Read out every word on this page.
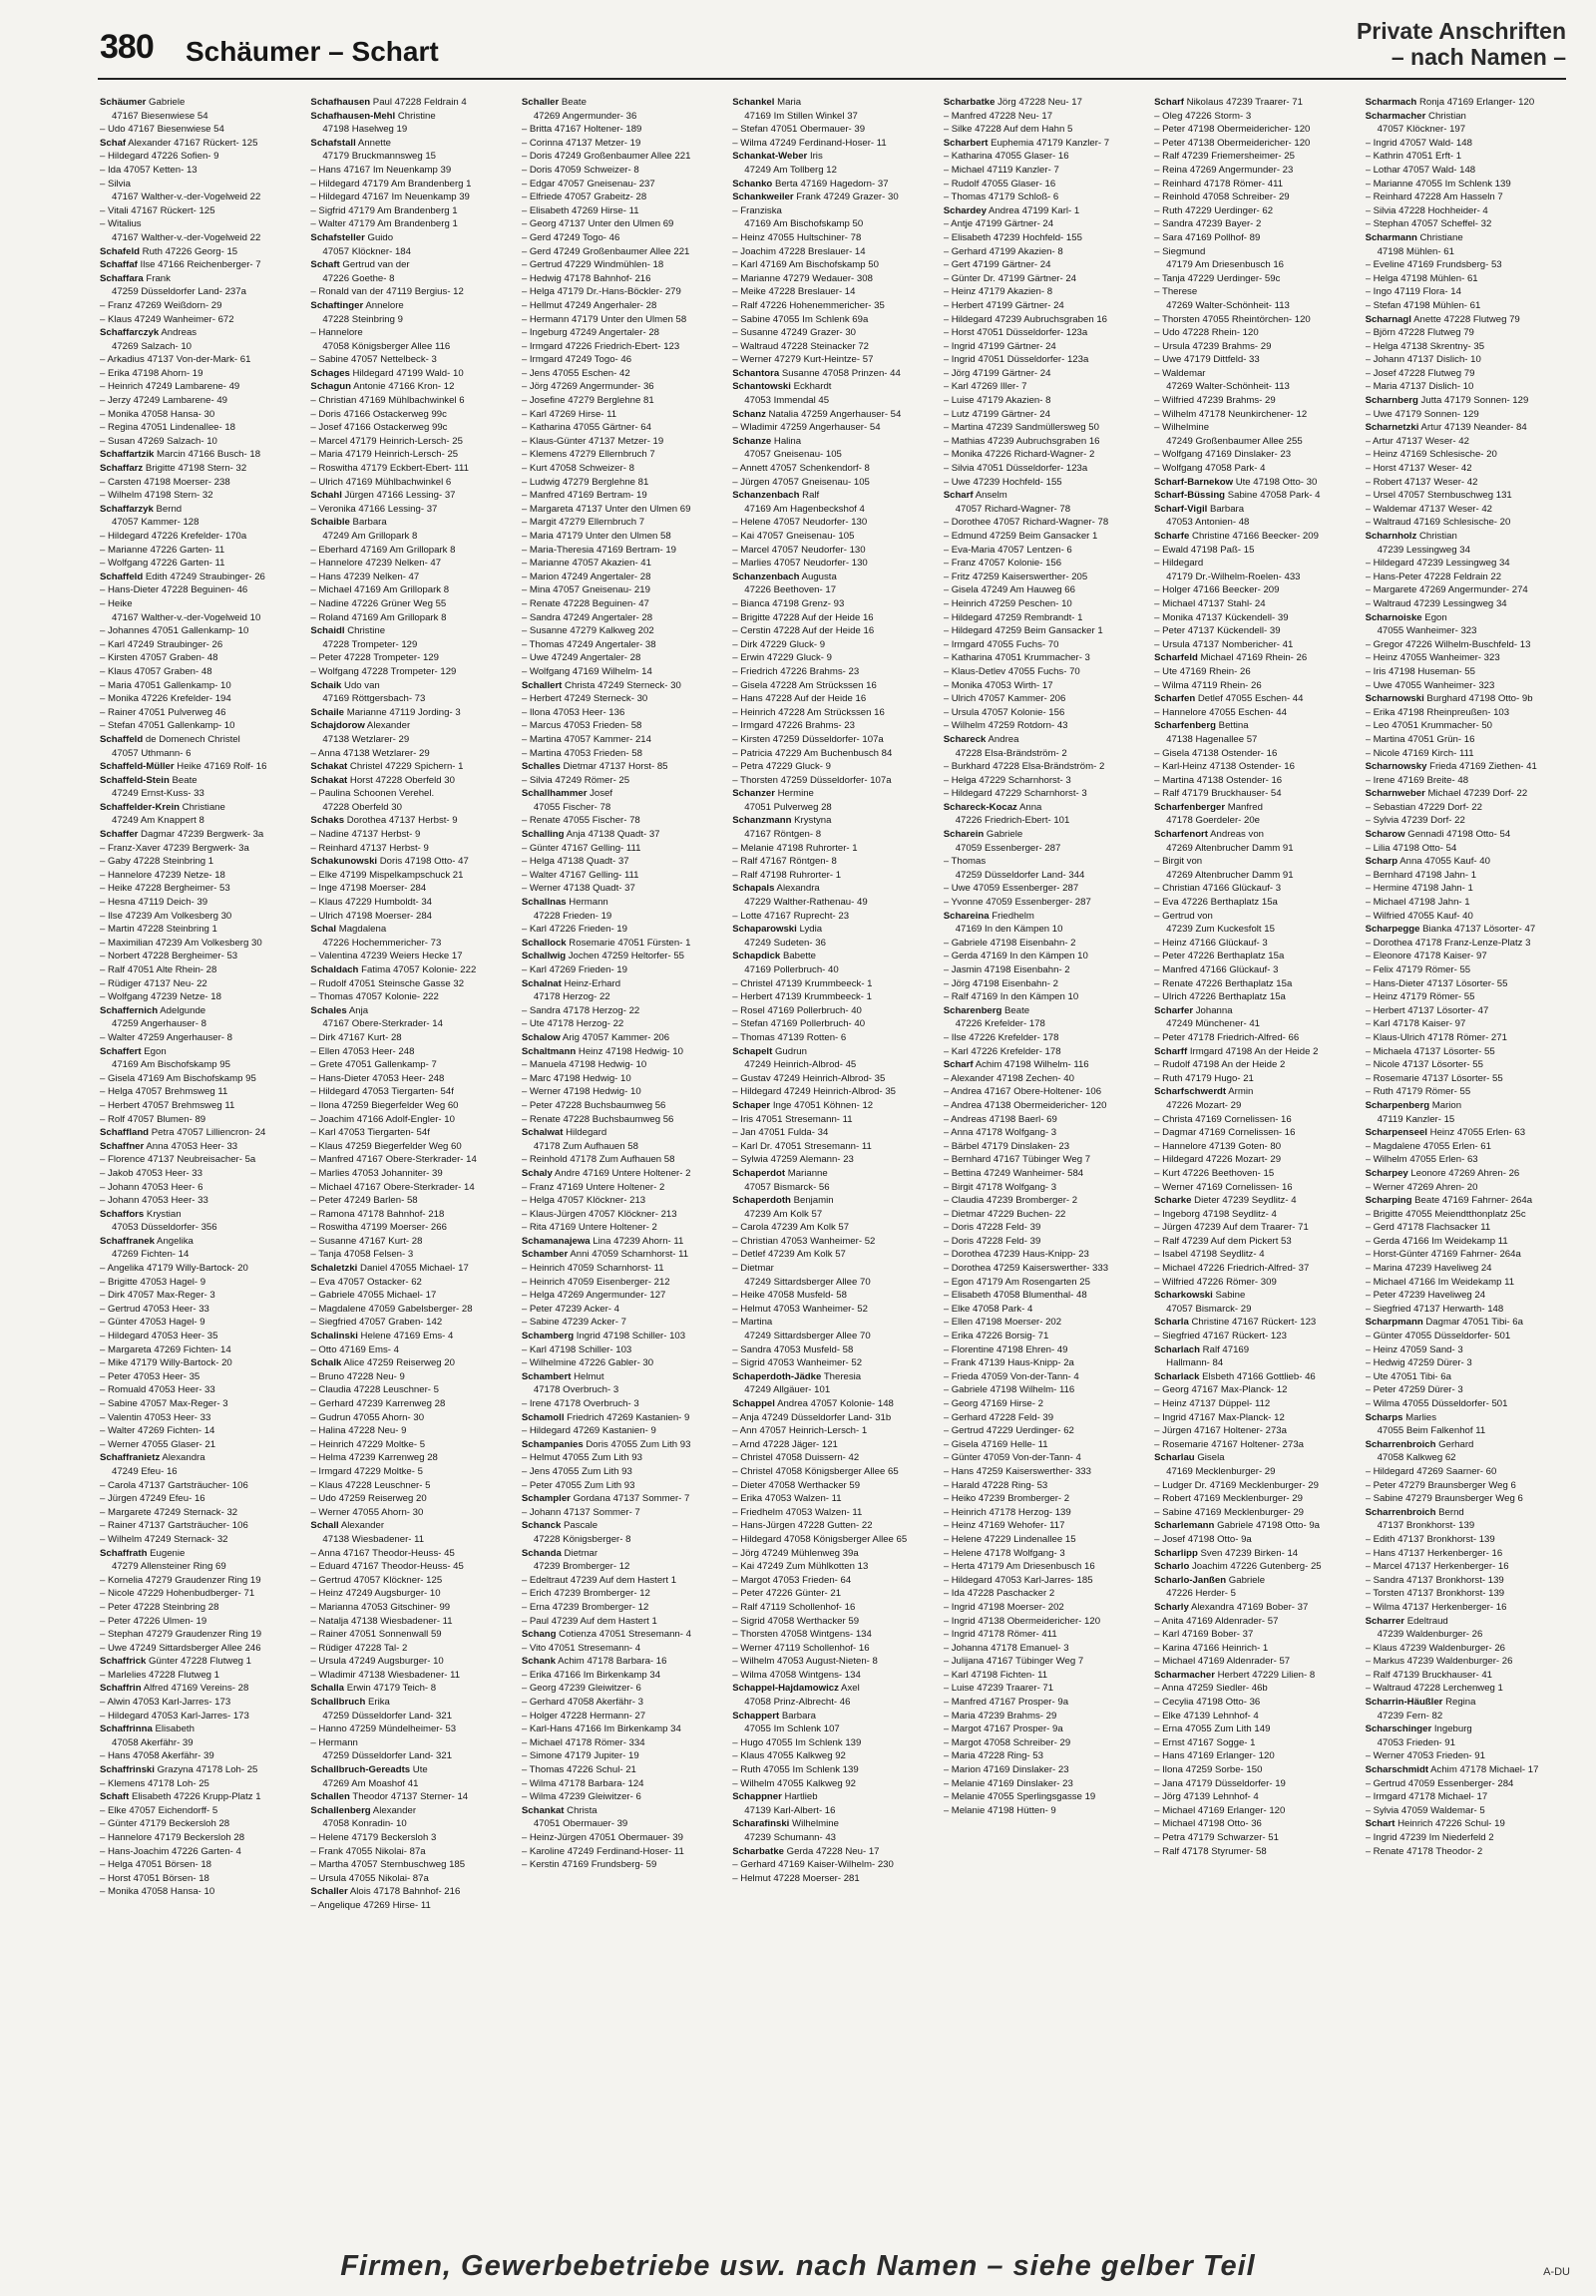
380 Schäumer – Schart
Private Anschriften
– nach Namen –
Schäumer Gabriele
47167 Biesenwiese 54
– Udo 47167 Biesenwiese 54
Schaf Alexander 47167 Rückert- 125
– Hildegard 47226 Sofien- 9
– Ida 47057 Ketten- 13
– Silvia
47167 Walther-v.-der-Vogelweid 22
– Vitali 47167 Rückert- 125
– Witalius
47167 Walther-v.-der-Vogelweid 22
Schafeld Ruth 47226 Georg- 15
Schaffaf Ilse 47166 Reichenberger- 7
Schaffara Frank
47259 Düsseldorfer Land- 237a
– Franz 47269 Weißdorn- 29
– Klaus 47249 Wanheimer- 672
Schaffarczyk Andreas
47269 Salzach- 10
– Arkadius 47137 Von-der-Mark- 61
– Erika 47198 Ahorn- 19
– Heinrich 47249 Lambarene- 49
– Jerzy 47249 Lambarene- 49
– Monika 47058 Hansa- 30
– Regina 47051 Lindenallee- 18
– Susan 47269 Salzach- 10
Schaffartzik Marcin 47166 Busch- 18
Schaffarz Brigitte 47198 Stern- 32
– Carsten 47198 Moerser- 238
– Wilhelm 47198 Stern- 32
Schaffarzyk Bernd
47057 Kammer- 128
– Hildegard 47226 Krefelder- 170a
– Marianne 47226 Garten- 11
– Wolfgang 47226 Garten- 11
Schaffeld Edith 47249 Straubinger- 26
– Hans-Dieter 47228 Beguinen- 46
– Heike
47167 Walther-v.-der-Vogelweid 10
– Johannes 47051 Gallenkamp- 10
– Karl 47249 Straubinger- 26
– Kirsten 47057 Graben- 48
– Klaus 47057 Graben- 48
– Maria 47051 Gallenkamp- 10
– Monika 47226 Krefelder- 194
– Rainer 47051 Pulverweg 46
– Stefan 47051 Gallenkamp- 10
Schaffeld de Domenech Christel
47057 Uthmann- 6
Schaffeld-Müller Heike 47169 Rolf- 16
Schaffeld-Stein Beate
47249 Ernst-Kuss- 33
Schaffelder-Krein Christiane
47249 Am Knappert 8
Schaffer Dagmar 47239 Bergwerk- 3a
– Franz-Xaver 47239 Bergwerk- 3a
– Gaby 47228 Steinbring 1
– Hannelore 47239 Netze- 18
– Heike 47228 Bergheimer- 53
– Hesna 47119 Deich- 39
– Ilse 47239 Am Volkesberg 30
– Martin 47228 Steinbring 1
– Maximilian 47239 Am Volkesberg 30
– Norbert 47228 Bergheimer- 53
– Ralf 47051 Alte Rhein- 28
– Rüdiger 47137 Neu- 22
– Wolfgang 47239 Netze- 18
Schaffernich Adelgunde
47259 Angerhauser- 8
– Walter 47259 Angerhauser- 8
Schaffert Egon
47169 Am Bischofskamp 95
– Gisela 47169 Am Bischofskamp 95
– Helga 47057 Brehmsweg 11
– Herbert 47057 Brehmsweg 11
– Rolf 47057 Blumen- 89
Schaffland Petra 47057 Lilliencron- 24
Schaffner Anna 47053 Heer- 33
– Florence 47137 Neubreisacher- 5a
– Jakob 47053 Heer- 33
– Johann 47053 Heer- 6
– Johann 47053 Heer- 33
Schaffors Krystian
47053 Düsseldorfer- 356
Schaffranek Angelika
47269 Fichten- 14
– Angelika 47179 Willy-Bartock- 20
– Brigitte 47053 Hagel- 9
– Dirk 47057 Max-Reger- 3
– Gertrud 47053 Heer- 33
– Günter 47053 Hagel- 9
– Hildegard 47053 Heer- 35
– Margareta 47269 Fichten- 14
– Mike 47179 Willy-Bartock- 20
– Peter 47053 Heer- 35
– Romuald 47053 Heer- 33
– Sabine 47057 Max-Reger- 3
– Valentin 47053 Heer- 33
– Walter 47269 Fichten- 14
– Werner 47055 Glaser- 21
Schaffranietz Alexandra
47249 Efeu- 16
– Carola 47137 Gartsträucher- 106
– Jürgen 47249 Efeu- 16
– Margarete 47249 Sternack- 32
– Rainer 47137 Gartsträucher- 106
– Wilhelm 47249 Sternack- 32
Schaffrath Eugenie
47279 Allensteiner Ring 69
– Kornelia 47279 Graudenzer Ring 19
– Nicole 47229 Hohenbudberger- 71
– Peter 47228 Steinbring 28
– Peter 47226 Ulmen- 19
– Stephan 47279 Graudenzer Ring 19
– Uwe 47249 Sittardsberger Allee 246
Schaffrick Günter 47228 Flutweg 1
– Marlelies 47228 Flutweg 1
Schaffrin Alfred 47169 Vereins- 28
– Alwin 47053 Karl-Jarres- 173
– Hildegard 47053 Karl-Jarres- 173
Schaffrinna Elisabeth
47058 Akerfähr- 39
– Hans 47058 Akerfähr- 39
Schaffrinski Grazyna 47178 Loh- 25
– Klemens 47178 Loh- 25
Schaft Elisabeth 47226 Krupp-Platz 1
– Elke 47057 Eichendorff- 5
– Günter 47179 Beckersloh 28
– Hannelore 47179 Beckersloh 28
– Hans-Joachim 47226 Garten- 4
– Helga 47051 Börsen- 18
– Horst 47051 Börsen- 18
– Monika 47058 Hansa- 10
Schafhausen Paul 47228 Feldrain 4
Schafhausen-Mehl Christine
47198 Haselweg 19
Schafstall Annette
47179 Bruckmannsweg 15
– Hans 47167 Im Neuenkamp 39
– Hildegard 47179 Am Brandenberg 1
– Hildegard 47167 Im Neuenkamp 39
– Sigfrid 47179 Am Brandenberg 1
– Walter 47179 Am Brandenberg 1
Schafsteller Guido
47057 Klöckner- 184
Schaft Gertrud van der
47226 Goethe- 8
– Ronald van der 47119 Bergius- 12
Schaftinger Annelore
47228 Steinbring 9
– Hannelore
47058 Königsberger Allee 116
– Sabine 47057 Nettelbeck- 3
Schages Hildegard 47199 Wald- 10
Schagun Antonie 47166 Kron- 12
– Christian 47169 Mühlbachwinkel 6
– Doris 47166 Ostackerweg 99c
– Josef 47166 Ostackerweg 99c
– Marcel 47179 Heinrich-Lersch- 25
– Maria 47179 Heinrich-Lersch- 25
– Roswitha 47179 Eckbert-Ebert- 111
– Ulrich 47169 Mühlbachwinkel 6
Schahl Jürgen 47166 Lessing- 37
– Veronika 47166 Lessing- 37
Schaible Barbara
47249 Am Grillopark 8
– Eberhard 47169 Am Grillopark 8
– Hannelore 47239 Nelken- 47
– Hans 47239 Nelken- 47
– Michael 47169 Am Grillopark 8
– Nadine 47226 Grüner Weg 55
– Roland 47169 Am Grillopark 8
Schaidl Christine
47228 Trompeter- 129
– Peter 47228 Trompeter- 129
– Wolfgang 47228 Trompeter- 129
Schaik Udo van
47169 Röttgersbach- 73
Schaile Marianne 47119 Jording- 3
Schajdorow Alexander
47138 Wetzlarer- 29
– Anna 47138 Wetzlarer- 29
Schakat Christel 47229 Spichern- 1
Schakat Horst 47228 Oberfeld 30
– Paulina Schoonen Verehel.
47228 Oberfeld 30
Schaks Dorothea 47137 Herbst- 9
– Nadine 47137 Herbst- 9
– Reinhard 47137 Herbst- 9
Schakunowski Doris 47198 Otto- 47
– Elke 47199 Mispelkampschuck 21
– Inge 47198 Moerser- 284
– Klaus 47229 Humboldt- 34
– Ulrich 47198 Moerser- 284
Schal Magdalena
47226 Hochemmericher- 73
– Valentina 47239 Weiers Hecke 17
Schaldach Fatima 47057 Kolonie- 222
– Rudolf 47051 Steinsche Gasse 32
– Thomas 47057 Kolonie- 222
Schales Anja
47167 Obere-Sterkrader- 14
– Dirk 47167 Kurt- 28
– Ellen 47053 Heer- 248
– Grete 47051 Gallenkamp- 7
– Hans-Dieter 47053 Heer- 248
– Hildegard 47053 Tiergarten- 54f
– Ilona 47259 Biegerfelder Weg 60
– Joachim 47166 Adolf-Engler- 10
– Karl 47053 Tiergarten- 54f
– Klaus 47259 Biegerfelder Weg 60
– Manfred 47167 Obere-Sterkrader- 14
– Marlies 47053 Johanniter- 39
– Michael 47167 Obere-Sterkrader- 14
– Peter 47249 Barlen- 58
– Ramona 47178 Bahnhof- 218
– Roswitha 47199 Moerser- 266
– Susanne 47167 Kurt- 28
– Tanja 47058 Felsen- 3
Schaletzki Daniel 47055 Michael- 17
– Eva 47057 Ostacker- 62
– Gabriele 47055 Michael- 17
– Magdalene 47059 Gabelsberger- 28
– Siegfried 47057 Graben- 142
Schalinski Helene 47169 Ems- 4
– Otto 47169 Ems- 4
Schalk Alice 47259 Reiserweg 20
– Bruno 47228 Neu- 9
– Claudia 47228 Leuschner- 5
– Gerhard 47239 Karrenweg 28
– Gudrun 47055 Ahorn- 30
– Halina 47228 Neu- 9
– Heinrich 47229 Moltke- 5
– Helma 47239 Karrenweg 28
– Irmgard 47229 Moltke- 5
– Klaus 47228 Leuschner- 5
– Udo 47259 Reiserweg 20
– Werner 47055 Ahorn- 30
Schall Alexander
47138 Wiesbadener- 11
– Anna 47167 Theodor-Heuss- 45
– Eduard 47167 Theodor-Heuss- 45
– Gertrud 47057 Klöckner- 125
– Heinz 47249 Augsburger- 10
– Marianna 47053 Gitschiner- 99
– Natalja 47138 Wiesbadener- 11
– Rainer 47051 Sonnenwall 59
– Rüdiger 47228 Tal- 2
– Ursula 47249 Augsburger- 10
– Wladimir 47138 Wiesbadener- 11
Schalla Erwin 47179 Teich- 8
Schallbruch Erika
47259 Düsseldorfer Land- 321
– Hanno 47259 Mündelheimer- 53
– Hermann
47259 Düsseldorfer Land- 321
Schallbruch-Gereadts Ute
47269 Am Moashof 41
Schallen Theodor 47137 Sterner- 14
Schallenberg Alexander
47058 Konradin- 10
– Helene 47179 Beckersloh 3
– Frank 47055 Nikolai- 87a
– Martha 47057 Sternbuschweg 185
– Ursula 47055 Nikolai- 87a
Schaller Alois 47178 Bahnhof- 216
– Angelique 47269 Hirse- 11
Schaller Beate
47269 Angermunder- 36
– Britta 47167 Holtener- 189
– Corinna 47137 Metzer- 19
– Doris 47249 Großenbaumer Allee 221
– Doris 47059 Schweizer- 8
– Edgar 47057 Gneisenau- 237
– Elfriede 47057 Grabeitz- 28
– Elisabeth 47269 Hirse- 11
– Georg 47137 Unter den Ulmen 69
– Gerd 47249 Togo- 46
– Gerd 47249 Großenbaumer Allee 221
– Gertrud 47229 Windmühlen- 18
– Hedwig 47178 Bahnhof- 216
– Helga 47179 Dr.-Hans-Böckler- 279
– Hellmut 47249 Angerhaler- 28
– Hermann 47179 Unter den Ulmen 58
– Ingeburg 47249 Angertaler- 28
– Irmgard 47226 Friedrich-Ebert- 123
– Irmgard 47249 Togo- 46
– Jens 47055 Eschen- 42
– Jörg 47269 Angermunder- 36
– Josefine 47279 Berglehne 81
– Karl 47269 Hirse- 11
– Katharina 47055 Gärtner- 64
– Klaus-Günter 47137 Metzer- 19
– Klemens 47279 Ellernbruch 7
– Kurt 47058 Schweizer- 8
– Ludwig 47279 Berglehne 81
– Manfred 47169 Bertram- 19
– Margareta 47137 Unter den Ulmen 69
– Margit 47279 Ellernbruch 7
– Maria 47179 Unter den Ulmen 58
– Maria-Theresia 47169 Bertram- 19
– Marianne 47057 Akazien- 41
– Marion 47249 Angertaler- 28
– Mina 47057 Gneisenau- 219
– Renate 47228 Beguinen- 47
– Sandra 47249 Angertaler- 28
– Susanne 47279 Kalkweg 202
– Thomas 47249 Angertaler- 38
– Uwe 47249 Angertaler- 28
– Wolfgang 47169 Wilhelm- 14
Schallert Christa 47249 Sterneck- 30
– Herbert 47249 Sterneck- 30
– Ilona 47053 Heer- 136
– Marcus 47053 Frieden- 58
– Martina 47057 Kammer- 214
– Martina 47053 Frieden- 58
Schalles Dietmar 47137 Horst- 85
– Silvia 47249 Römer- 25
Schallhammer Josef
47055 Fischer- 78
– Renate 47055 Fischer- 78
Schalling Anja 47138 Quadt- 37
– Günter 47167 Gelling- 111
– Helga 47138 Quadt- 37
– Walter 47167 Gelling- 111
– Werner 47138 Quadt- 37
Schallnas Hermann
47228 Frieden- 19
– Karl 47226 Frieden- 19
Schallock Rosemarie 47051 Fürsten- 1
Schallwig Jochen 47259 Heltorfer- 55
– Karl 47269 Frieden- 19
Schalnat Heinz-Erhard
47178 Herzog- 22
– Sandra 47178 Herzog- 22
– Ute 47178 Herzog- 22
Schalow Arig 47057 Kammer- 206
Schaltmann Heinz 47198 Hedwig- 10
– Manuela 47198 Hedwig- 10
– Marc 47198 Hedwig- 10
– Werner 47198 Hedwig- 10
– Peter 47228 Buchsbaumweg 56
– Renate 47228 Buchsbaumweg 56
Schalwat Hildegard
47178 Zum Aufhauen 58
– Reinhold 47178 Zum Aufhauen 58
Schaly Andre 47169 Untere Holtener- 2
– Franz 47169 Untere Holtener- 2
– Helga 47057 Klöckner- 213
– Klaus-Jürgen 47057 Klöckner- 213
– Rita 47169 Untere Holtener- 2
Schamanajewa Lina 47239 Ahorn- 11
Schamber Anni 47059 Scharnhorst- 11
– Heinrich 47059 Scharnhorst- 11
– Heinrich 47059 Eisenberger- 212
– Helga 47269 Angermunder- 127
– Peter 47239 Acker- 4
– Sabine 47239 Acker- 7
Schamberg Ingrid 47198 Schiller- 103
– Karl 47198 Schiller- 103
– Wilhelmine 47226 Gabler- 30
Schambert Helmut
47178 Overbruch- 3
– Irene 47178 Overbruch- 3
Schamoll Friedrich 47269 Kastanien- 9
– Hildegard 47269 Kastanien- 9
Schampanies Doris 47055 Zum Lith 93
– Helmut 47055 Zum Lith 93
– Jens 47055 Zum Lith 93
– Peter 47055 Zum Lith 93
Schampler Gordana 47137 Sommer- 7
– Johann 47137 Sommer- 7
Schanck Pascale
47228 Königsberger- 8
Schanda Dietmar
47239 Bromberger- 12
– Edeltraut 47239 Auf dem Hastert 1
– Erich 47239 Bromberger- 12
– Erna 47239 Bromberger- 12
– Paul 47239 Auf dem Hastert 1
Schang Cotienza 47051 Stresemann- 4
– Vito 47051 Stresemann- 4
Schank Achim 47178 Barbara- 16
– Erika 47166 Im Birkenkamp 34
– Georg 47239 Gleiwitzer- 6
– Gerhard 47058 Akerfähr- 3
– Holger 47228 Hermann- 27
– Karl-Hans 47166 Im Birkenkamp 34
– Michael 47178 Römer- 334
– Simone 47179 Jupiter- 19
– Thomas 47226 Schul- 21
– Wilma 47178 Barbara- 124
– Wilma 47239 Gleiwitzer- 6
Schankat Christa
47051 Obermauer- 39
– Heinz-Jürgen 47051 Obermauer- 39
– Karoline 47249 Ferdinand-Hoser- 11
– Kerstin 47169 Frundsberg- 59
Schankel Maria
47169 Im Stillen Winkel 37
– Stefan 47051 Obermauer- 39
– Wilma 47249 Ferdinand-Hoser- 11
Schankat-Weber Iris
47249 Am Tollberg 12
Schanko Berta 47169 Hagedorn- 37
Schankweiler Frank 47249 Grazer- 30
– Franziska
47169 Am Bischofskamp 50
– Heinz 47055 Hultschiner- 78
– Joachim 47228 Breslauer- 14
– Karl 47169 Am Bischofskamp 50
– Marianne 47279 Wedauer- 308
– Meike 47228 Breslauer- 14
– Ralf 47226 Hohenemmericher- 35
– Sabine 47055 Im Schlenk 69a
– Susanne 47249 Grazer- 30
– Waltraud 47228 Steinacker 72
– Werner 47279 Kurt-Heintze- 57
Schantora Susanne 47058 Prinzen- 44
Schantowski Eckhardt
47053 Immendal 45
Schanz Natalia 47259 Angerhauser- 54
– Wladimir 47259 Angerhauser- 54
Schanze Halina
47057 Gneisenau- 105
– Annett 47057 Schenkendorf- 8
– Jürgen 47057 Gneisenau- 105
Schanzenbach Ralf
47169 Am Hagenbeckshof 4
– Helene 47057 Neudorfer- 130
– Kai 47057 Gneisenau- 105
– Marcel 47057 Neudorfer- 130
– Marlies 47057 Neudorfer- 130
Schanzenbach Augusta
47226 Beethoven- 17
– Bianca 47198 Grenz- 93
– Brigitte 47228 Auf der Heide 16
– Cerstin 47228 Auf der Heide 16
– Dirk 47229 Gluck- 9
– Erwin 47229 Gluck- 9
– Friedrich 47226 Brahms- 23
– Gisela 47228 Am Strückssen 16
– Hans 47228 Auf der Heide 16
– Heinrich 47228 Am Strückssen 16
– Irmgard 47226 Brahms- 23
– Kirsten 47259 Düsseldorfer- 107a
– Patricia 47229 Am Buchenbusch 84
– Petra 47229 Gluck- 9
– Thorsten 47259 Düsseldorfer- 107a
Schanzer Hermine
47051 Pulverweg 28
Schanzmann Krystyna
47167 Röntgen- 8
– Melanie 47198 Ruhrorter- 1
– Ralf 47167 Röntgen- 8
– Ralf 47198 Ruhrorter- 1
Schapals Alexandra
47229 Walther-Rathenau- 49
– Lotte 47167 Ruprecht- 23
Schaparowski Lydia
47249 Sudeten- 36
Schapdick Babette
47169 Pollerbruch- 40
– Christel 47139 Krummbeeck- 1
– Herbert 47139 Krummbeeck- 1
– Rosel 47169 Pollerbruch- 40
– Stefan 47169 Pollerbruch- 40
– Thomas 47139 Rotten- 6
Schapelt Gudrun
47249 Heinrich-Albrod- 45
– Gustav 47249 Heinrich-Albrod- 35
– Hildegard 47249 Heinrich-Albrod- 35
Schaper Inge 47051 Köhnen- 12
– Iris 47051 Stresemann- 11
– Jan 47051 Fulda- 34
– Karl Dr. 47051 Stresemann- 11
– Sylwia 47259 Alemann- 23
Schaperdot Marianne
47057 Bismarck- 56
Schaperdoth Benjamin
47239 Am Kolk 57
– Carola 47239 Am Kolk 57
– Christian 47053 Wanheimer- 52
– Detlef 47239 Am Kolk 57
– Dietmar
47249 Sittardsberger Allee 70
– Heike 47058 Musfeld- 58
– Helmut 47053 Wanheimer- 52
– Martina
47249 Sittardsberger Allee 70
– Sandra 47053 Musfeld- 58
– Sigrid 47053 Wanheimer- 52
Schaperdoth-Jädke Theresia
47249 Allgäuer- 101
Schappel Andrea 47057 Kolonie- 148
– Anja 47249 Düsseldorfer Land- 31b
– Ann 47057 Heinrich-Lersch- 1
– Arnd 47228 Jäger- 121
– Christel 47058 Duissern- 42
– Christel 47058 Königsberger Allee 65
– Dieter 47058 Werthacker 59
– Erika 47053 Walzen- 11
– Friedhelm 47053 Walzen- 11
– Hans-Jürgen 47228 Gutten- 22
– Hildegard 47058 Königsberger Allee 65
– Jörg 47249 Mühlenweg 39a
– Kai 47249 Zum Mühlkotten 13
– Margot 47053 Frieden- 64
– Peter 47226 Günter- 21
– Ralf 47119 Schollenhof- 16
– Sigrid 47058 Werthacker 59
– Thorsten 47058 Wintgens- 134
– Werner 47119 Schollenhof- 16
– Wilhelm 47053 August-Nieten- 8
– Wilma 47058 Wintgens- 134
Schappel-Hajdamowicz Axel
47058 Prinz-Albrecht- 46
Schappert Barbara
47055 Im Schlenk 107
– Hugo 47055 Im Schlenk 139
– Klaus 47055 Kalkweg 92
– Ruth 47055 Im Schlenk 139
– Wilhelm 47055 Kalkweg 92
Schappner Hartlieb
47139 Karl-Albert- 16
Scharafinski Wilhelmine
47239 Schumann- 43
Scharbatke Gerda 47228 Neu- 17
– Gerhard 47169 Kaiser-Wilhelm- 230
– Helmut 47228 Moerser- 281
Scharbatke Jörg 47228 Neu- 17
– Manfred 47228 Neu- 17
– Silke 47228 Auf dem Hahn 5
Scharbert Euphemia 47179 Kanzler- 7
– Katharina 47055 Glaser- 16
– Michael 47119 Kanzler- 7
– Rudolf 47055 Glaser- 16
– Thomas 47179 Schloß- 6
Schardey Andrea 47199 Karl- 1
– Antje 47199 Gärtner- 24
– Elisabeth 47239 Hochfeld- 155
– Gerhard 47199 Akazien- 8
– Gert 47199 Gärtner- 24
– Günter Dr. 47199 Gärtner- 24
– Heinz 47179 Akazien- 8
– Herbert 47199 Gärtner- 24
– Hildegard 47239 Aubruchsgraben 16
– Horst 47051 Düsseldorfer- 123a
– Ingrid 47199 Gärtner- 24
– Ingrid 47051 Düsseldorfer- 123a
– Jörg 47199 Gärtner- 24
– Karl 47269 Iller- 7
– Luise 47179 Akazien- 8
– Lutz 47199 Gärtner- 24
– Martina 47239 Sandmüllersweg 50
– Mathias 47239 Aubruchsgraben 16
– Monika 47226 Richard-Wagner- 2
– Silvia 47051 Düsseldorfer- 123a
– Uwe 47239 Hochfeld- 155
Scharf Anselm
47057 Richard-Wagner- 78
– Dorothee 47057 Richard-Wagner- 78
– Edmund 47259 Beim Gansacker 1
– Eva-Maria 47057 Lentzen- 6
– Franz 47057 Kolonie- 156
– Fritz 47259 Kaiserswerther- 205
– Gisela 47249 Am Hauweg 66
– Heinrich 47259 Peschen- 10
– Hildegard 47259 Rembrandt- 1
– Hildegard 47259 Beim Gansacker 1
– Irmgard 47055 Fuchs- 70
– Katharina 47051 Krummacher- 3
– Klaus-Detlev 47055 Fuchs- 70
– Monika 47053 Wirth- 17
– Ulrich 47057 Kammer- 206
– Ursula 47057 Kolonie- 156
– Wilhelm 47259 Rotdorn- 43
Schareck Andrea
47228 Elsa-Brändström- 2
– Burkhard 47228 Elsa-Brändström- 2
– Helga 47229 Scharnhorst- 3
– Hildegard 47229 Scharnhorst- 3
Schareck-Kocaz Anna
47226 Friedrich-Ebert- 101
Scharein Gabriele
47059 Essenberger- 287
– Thomas
47259 Düsseldorfer Land- 344
– Uwe 47059 Essenberger- 287
– Yvonne 47059 Essenberger- 287
Schareina Friedhelm
47169 In den Kämpen 10
– Gabriele 47198 Eisenbahn- 2
– Gerda 47169 In den Kämpen 10
– Jasmin 47198 Eisenbahn- 2
– Jörg 47198 Eisenbahn- 2
– Ralf 47169 In den Kämpen 10
Scharenberg Beate
47226 Krefelder- 178
– Ilse 47226 Krefelder- 178
– Karl 47226 Krefelder- 178
Scharf Achim 47198 Wilhelm- 116
– Alexander 47198 Zechen- 40
– Andrea 47167 Obere-Holtener- 106
– Andrea 47138 Obermeidericher- 120
– Andreas 47198 Baerl- 69
– Anna 47178 Wolfgang- 3
– Bärbel 47179 Dinslaken- 23
– Bernhard 47167 Tübinger Weg 7
– Bettina 47249 Wanheimer- 584
– Birgit 47178 Wolfgang- 3
– Claudia 47239 Bromberger- 2
– Dietmar 47229 Buchen- 22
– Doris 47228 Feld- 39
– Doris 47228 Feld- 39
– Dorothea 47239 Haus-Knipp- 23
– Dorothea 47259 Kaiserswerther- 333
– Egon 47179 Am Rosengarten 25
– Elisabeth 47058 Blumenthal- 48
– Elke 47058 Park- 4
– Ellen 47198 Moerser- 202
– Erika 47226 Borsig- 71
– Florentine 47198 Ehren- 49
– Frank 47139 Haus-Knipp- 2a
– Frieda 47059 Von-der-Tann- 4
– Gabriele 47198 Wilhelm- 116
– Georg 47169 Hirse- 2
– Gerhard 47228 Feld- 39
– Gertrud 47229 Uerdinger- 62
– Gisela 47169 Helle- 11
– Günter 47059 Von-der-Tann- 4
– Hans 47259 Kaiserswerther- 333
– Harald 47228 Ring- 53
– Heiko 47239 Bromberger- 2
– Heinrich 47178 Herzog- 139
– Heinz 47169 Wehofer- 117
– Helene 47229 Lindenallee 15
– Helene 47178 Wolfgang- 3
– Herta 47179 Am Driesenbusch 16
– Hildegard 47053 Karl-Jarres- 185
– Ida 47228 Paschacker 2
– Ingrid 47198 Moerser- 202
– Ingrid 47138 Obermeidericher- 120
– Ingrid 47178 Römer- 411
– Johanna 47178 Emanuel- 3
– Julijana 47167 Tübinger Weg 7
– Karl 47198 Fichten- 11
– Luise 47239 Traarer- 71
– Manfred 47167 Prosper- 9a
– Maria 47239 Brahms- 29
– Margot 47167 Prosper- 9a
– Margot 47058 Schreiber- 29
– Maria 47228 Ring- 53
– Marion 47169 Dinslaker- 23
– Melanie 47169 Dinslaker- 23
– Melanie 47055 Sperlingsgasse 19
– Melanie 47198 Hütten- 9
Scharf Nikolaus 47239 Traarer- 71
– Oleg 47226 Storm- 3
– Peter 47198 Obermeidericher- 120
– Peter 47138 Obermeidericher- 120
– Ralf 47239 Friemersheimer- 25
– Reina 47269 Angermunder- 23
– Reinhard 47178 Römer- 411
– Reinhold 47058 Schreiber- 29
– Ruth 47229 Uerdinger- 62
– Sandra 47239 Bayer- 2
– Sara 47169 Pollhof- 89
– Siegmund
47179 Am Driesenbusch 16
– Tanja 47229 Uerdinger- 59c
– Therese
47269 Walter-Schönheit- 113
– Thorsten 47055 Rheintörchen- 120
– Udo 47228 Rhein- 120
– Ursula 47239 Brahms- 29
– Uwe 47179 Dittfeld- 33
– Waldemar
47269 Walter-Schönheit- 113
– Wilfried 47239 Brahms- 29
– Wilhelm 47178 Neunkirchener- 12
– Wilhelmine
47249 Großenbaumer Allee 255
– Wolfgang 47169 Dinslaker- 23
– Wolfgang 47058 Park- 4
Scharf-Barnekow Ute 47198 Otto- 30
Scharf-Büssing Sabine 47058 Park- 4
Scharf-Vigil Barbara
47053 Antonien- 48
Scharfe Christine 47166 Beecker- 209
– Ewald 47198 Paß- 15
– Hildegard
47179 Dr.-Wilhelm-Roelen- 433
– Holger 47166 Beecker- 209
– Michael 47137 Stahl- 24
– Monika 47137 Kückendell- 39
– Peter 47137 Kückendell- 39
– Ursula 47137 Nombericher- 41
Scharfeld Michael 47169 Rhein- 26
– Ute 47169 Rhein- 26
– Wilma 47119 Rhein- 26
Scharfen Detlef 47055 Eschen- 44
– Hannelore 47055 Eschen- 44
Scharfenberg Bettina
47138 Hagenallee 57
– Gisela 47138 Ostender- 16
– Karl-Heinz 47138 Ostender- 16
– Martina 47138 Ostender- 16
– Ralf 47179 Bruckhauser- 54
Scharfenberger Manfred
47178 Goerdeler- 20e
Scharfenort Andreas von
47269 Altenbrucher Damm 91
– Birgit von
47269 Altenbrucher Damm 91
– Christian 47166 Glückauf- 3
– Eva 47226 Berthaplatz 15a
– Gertrud von
47239 Zum Kuckesfolt 15
– Heinz 47166 Glückauf- 3
– Peter 47226 Berthaplatz 15a
– Manfred 47166 Glückauf- 3
– Renate 47226 Berthaplatz 15a
– Ulrich 47226 Berthaplatz 15a
Scharfer Johanna
47249 Münchener- 41
– Peter 47178 Friedrich-Alfred- 66
Scharff Irmgard 47198 An der Heide 2
– Rudolf 47198 An der Heide 2
– Ruth 47179 Hugo- 21
Scharfschwerdt Armin
47226 Mozart- 29
– Christa 47169 Cornelissen- 16
– Dagmar 47169 Cornelissen- 16
– Hannelore 47139 Goten- 80
– Hildegard 47226 Mozart- 29
– Kurt 47226 Beethoven- 15
– Werner 47169 Cornelissen- 16
Scharke Dieter 47239 Seydlitz- 4
– Ingeborg 47198 Seydlitz- 4
– Jürgen 47239 Auf dem Traarer- 71
– Ralf 47239 Auf dem Pickert 53
– Isabel 47198 Seydlitz- 4
– Michael 47226 Friedrich-Alfred- 37
– Wilfried 47226 Römer- 309
Scharkowski Sabine
47057 Bismarck- 29
Scharla Christine 47167 Rückert- 123
– Siegfried 47167 Rückert- 123
Scharlach Ralf 47169
Hallmann- 84
Scharlack Elsbeth 47166 Gottlieb- 46
– Georg 47167 Max-Planck- 12
– Heinz 47137 Düppel- 112
– Ingrid 47167 Max-Planck- 12
– Jürgen 47167 Holtener- 273a
– Rosemarie 47167 Holtener- 273a
Scharlau Gisela
47169 Mecklenburger- 29
– Ludger Dr. 47169 Mecklenburger- 29
– Robert 47169 Mecklenburger- 29
– Sabine 47169 Mecklenburger- 29
Scharlemann Gabriele 47198 Otto- 9a
– Josef 47198 Otto- 9a
Scharlipp Sven 47239 Birken- 14
Scharlo Joachim 47226 Gutenberg- 25
Scharlo-Janßen Gabriele
47226 Herder- 5
Scharly Alexandra 47169 Bober- 37
– Anita 47169 Aldenrader- 57
– Karl 47169 Bober- 37
– Karina 47166 Heinrich- 1
– Michael 47169 Aldenrader- 57
Scharmacher Herbert 47229 Lilien- 8
– Anna 47259 Siedler- 46b
– Cecylia 47198 Otto- 36
– Elke 47139 Lehnhof- 4
– Erna 47055 Zum Lith 149
– Ernst 47167 Sogge- 1
– Hans 47169 Erlanger- 120
– Ilona 47259 Sorbe- 150
– Jana 47179 Düsseldorfer- 19
– Jörg 47139 Lehnhof- 4
– Michael 47169 Erlanger- 120
– Michael 47198 Otto- 36
– Petra 47179 Schwarzer- 51
– Ralf 47178 Styrumer- 58
Scharmach Ronja 47169 Erlanger- 120
Scharmacher Christian
47057 Klöckner- 197
– Ingrid 47057 Wald- 148
– Kathrin 47051 Erft- 1
– Lothar 47057 Wald- 148
– Marianne 47055 Im Schlenk 139
– Reinhard 47228 Am Hasseln 7
– Silvia 47228 Hochheider- 4
– Stephan 47057 Scheffel- 32
Scharmann Christiane
47198 Mühlen- 61
– Eveline 47169 Frundsberg- 53
– Helga 47198 Mühlen- 61
– Ingo 47119 Flora- 14
– Stefan 47198 Mühlen- 61
Scharnagl Anette 47228 Flutweg 79
– Björn 47228 Flutweg 79
– Helga 47138 Skrentny- 35
– Johann 47137 Dislich- 10
– Josef 47228 Flutweg 79
– Maria 47137 Dislich- 10
Scharnberg Jutta 47179 Sonnen- 129
– Uwe 47179 Sonnen- 129
Scharnetzki Artur 47139 Neander- 84
– Artur 47137 Weser- 42
– Heinz 47169 Schlesische- 20
– Horst 47137 Weser- 42
– Robert 47137 Weser- 42
– Ursel 47057 Sternbuschweg 131
– Waldemar 47137 Weser- 42
– Waltraud 47169 Schlesische- 20
Scharnholz Christian
47239 Lessingweg 34
– Hildegard 47239 Lessingweg 34
– Hans-Peter 47228 Feldrain 22
– Margarete 47269 Angermunder- 274
– Waltraud 47239 Lessingweg 34
Scharnoiske Egon
47055 Wanheimer- 323
– Gregor 47226 Wilhelm-Buschfeld- 13
– Heinz 47055 Wanheimer- 323
– Iris 47198 Huseman- 55
– Uwe 47055 Wanheimer- 323
Scharnowski Burghard 47198 Otto- 9b
– Erika 47198 Rheinpreußen- 103
– Leo 47051 Krummacher- 50
– Martina 47051 Grün- 16
– Nicole 47169 Kirch- 111
Scharnowsky Frieda 47169 Ziethen- 41
– Irene 47169 Breite- 48
Scharnweber Michael 47239 Dorf- 22
– Sebastian 47229 Dorf- 22
– Sylvia 47239 Dorf- 22
Scharow Gennadi 47198 Otto- 54
– Lilia 47198 Otto- 54
Scharp Anna 47055 Kauf- 40
– Bernhard 47198 Jahn- 1
– Hermine 47198 Jahn- 1
– Michael 47198 Jahn- 1
– Wilfried 47055 Kauf- 40
Scharpegge Bianka 47137 Lösorter- 47
– Dorothea 47178 Franz-Lenze-Platz 3
– Eleonore 47178 Kaiser- 97
– Felix 47179 Römer- 55
– Hans-Dieter 47137 Lösorter- 55
– Heinz 47179 Römer- 55
– Herbert 47137 Lösorter- 47
– Karl 47178 Kaiser- 97
– Klaus-Ulrich 47178 Römer- 271
– Michaela 47137 Lösorter- 55
– Nicole 47137 Lösorter- 55
– Rosemarie 47137 Lösorter- 55
– Ruth 47179 Römer- 55
Scharpenberg Marion
47119 Kanzler- 15
Scharpenseel Heinz 47055 Erlen- 63
– Magdalene 47055 Erlen- 61
– Wilhelm 47055 Erlen- 63
Scharpey Leonore 47269 Ahren- 26
– Werner 47269 Ahren- 20
Scharping Beate 47169 Fahrner- 264a
– Brigitte 47055 Meiendtthonplatz 25c
– Gerd 47178 Flachsacker 11
– Gerda 47166 Im Weidekamp 11
– Horst-Günter 47169 Fahrner- 264a
– Marina 47239 Haveliweg 24
– Michael 47166 Im Weidekamp 11
– Peter 47239 Haveliweg 24
– Siegfried 47137 Herwarth- 148
Scharpmann Dagmar 47051 Tibi- 6a
– Günter 47055 Düsseldorfer- 501
– Heinz 47059 Sand- 3
– Hedwig 47259 Dürer- 3
– Ute 47051 Tibi- 6a
– Peter 47259 Dürer- 3
– Wilma 47055 Düsseldorfer- 501
Scharps Marlies
47055 Beim Falkenhof 11
Scharrenbroich Gerhard
47058 Kalkweg 62
– Hildegard 47269 Saarner- 60
– Peter 47279 Braunsberger Weg 6
– Sabine 47279 Braunsberger Weg 6
Scharrenbroich Bernd
47137 Bronkhorst- 139
– Edith 47137 Bronkhorst- 139
– Hans 47137 Herkenberger- 16
– Marcel 47137 Herkenberger- 16
– Sandra 47137 Bronkhorst- 139
– Torsten 47137 Bronkhorst- 139
– Wilma 47137 Herkenberger- 16
Scharrer Edeltraud
47239 Waldenburger- 26
– Klaus 47239 Waldenburger- 26
– Markus 47239 Waldenburger- 26
– Ralf 47139 Bruckhauser- 41
– Waltraud 47228 Lerchenweg 1
Scharrin-Häußler Regina
47239 Fern- 82
Scharschinger Ingeburg
47053 Frieden- 91
– Werner 47053 Frieden- 91
Scharschmidt Achim 47178 Michael- 17
– Gertrud 47059 Essenberger- 284
– Irmgard 47178 Michael- 17
– Sylvia 47059 Waldemar- 5
Schart Heinrich 47226 Schul- 19
– Ingrid 47239 Im Niederfeld 2
– Renate 47178 Theodor- 2
Firmen, Gewerbebetriebe usw. nach Namen – siehe gelber Teil	A-DU
